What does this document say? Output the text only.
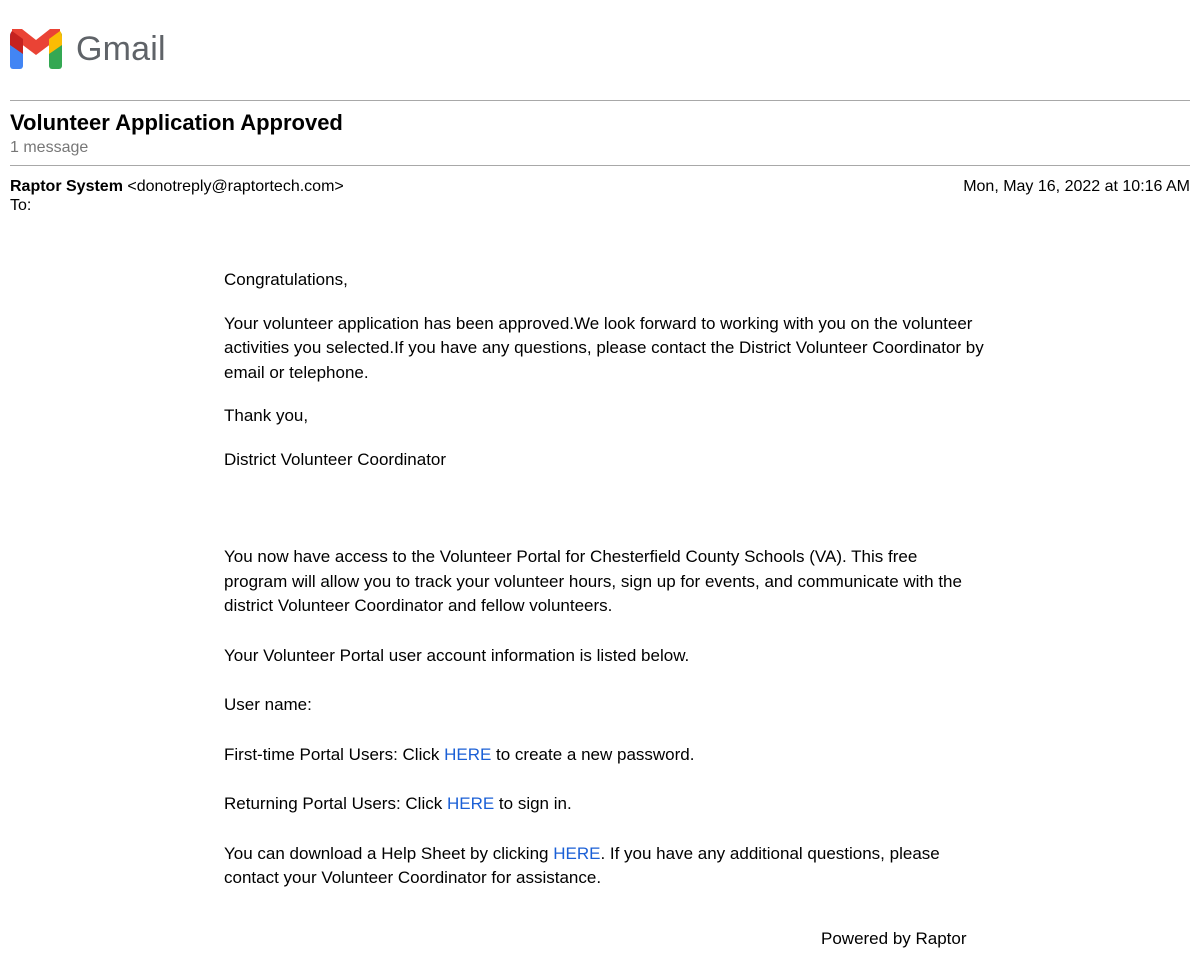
Gmail
Volunteer Application Approved
1 message
Raptor System <donotreply@raptortech.com>
To:
Mon, May 16, 2022 at 10:16 AM

Congratulations,

Your volunteer application has been approved.We look forward to working with you on the volunteer activities you selected.If you have any questions, please contact the District Volunteer Coordinator by email or telephone.

Thank you,

District Volunteer Coordinator

You now have access to the Volunteer Portal for Chesterfield County Schools (VA). This free program will allow you to track your volunteer hours, sign up for events, and communicate with the district Volunteer Coordinator and fellow volunteers.

Your Volunteer Portal user account information is listed below.

User name:

First-time Portal Users: Click HERE to create a new password.

Returning Portal Users: Click HERE to sign in.

You can download a Help Sheet by clicking HERE. If you have any additional questions, please contact your Volunteer Coordinator for assistance.

Powered by Raptor
